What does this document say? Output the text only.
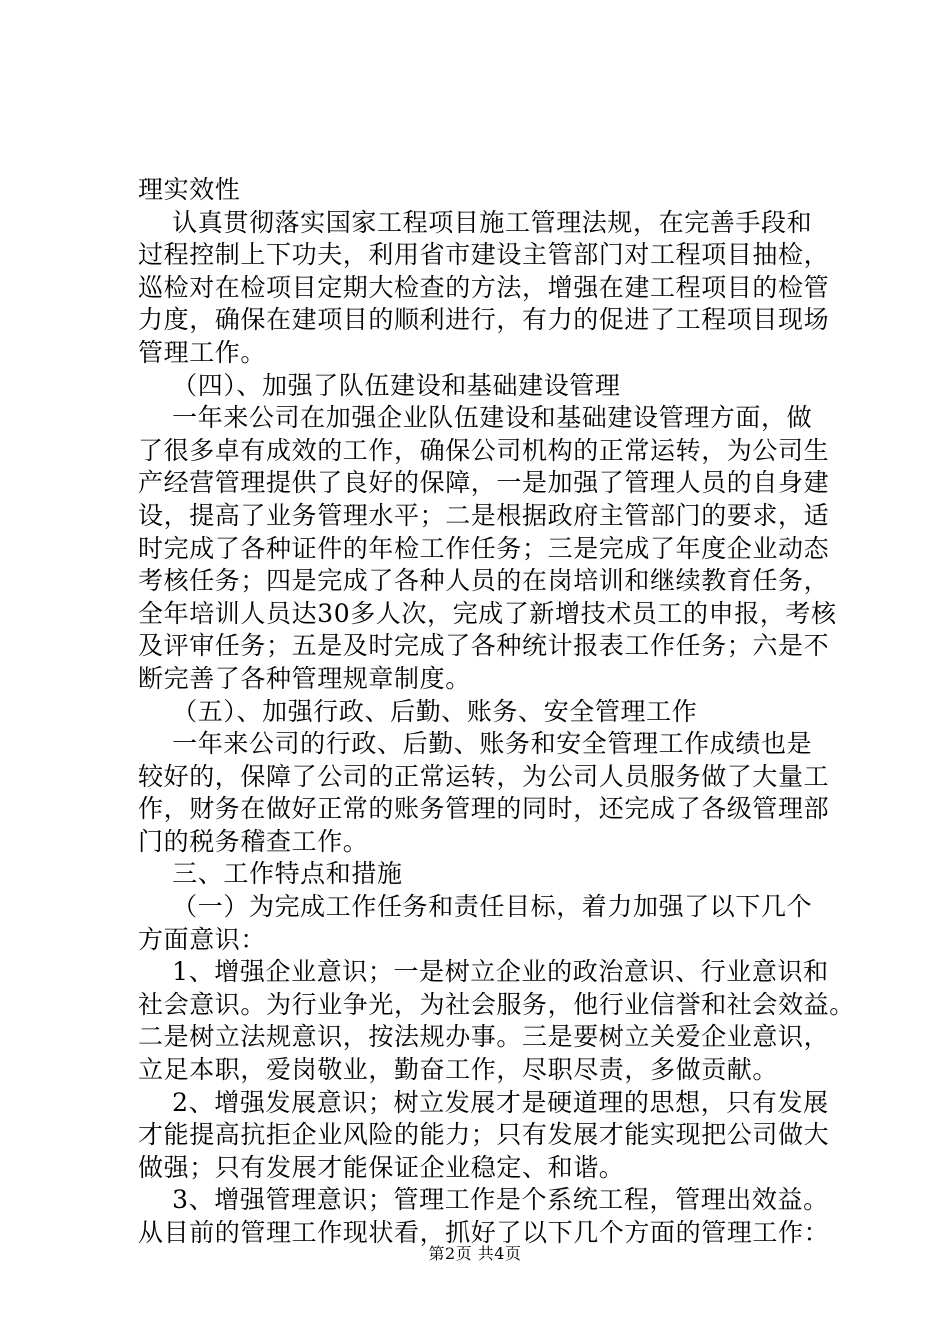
理实效性

认真贯彻落实国家工程项目施工管理法规，在完善手段和

过程控制上下功夫，利用省市建设主管部门对工程项目抽检，

巡检对在检项目定期大检查的方法，增强在建工程项目的检管

力度，确保在建项目的顺利进行，有力的促进了工程项目现场

管理工作。

（四）、加强了队伍建设和基础建设管理

一年来公司在加强企业队伍建设和基础建设管理方面，做

了很多卓有成效的工作，确保公司机构的正常运转，为公司生

产经营管理提供了良好的保障，一是加强了管理人员的自身建

设，提高了业务管理水平；二是根据政府主管部门的要求，适

时完成了各种证件的年检工作任务；三是完成了年度企业动态

考核任务；四是完成了各种人员的在岗培训和继续教育任务，

全年培训人员达30多人次，完成了新增技术员工的申报，考核

及评审任务；五是及时完成了各种统计报表工作任务；六是不

断完善了各种管理规章制度。

（五）、加强行政、后勤、账务、安全管理工作

一年来公司的行政、后勤、账务和安全管理工作成绩也是

较好的，保障了公司的正常运转，为公司人员服务做了大量工

作，财务在做好正常的账务管理的同时，还完成了各级管理部

门的税务稽查工作。

三、工作特点和措施

（一）为完成工作任务和责任目标，着力加强了以下几个

方面意识：

1、增强企业意识；一是树立企业的政治意识、行业意识和

社会意识。为行业争光，为社会服务，他行业信誉和社会效益。

二是树立法规意识，按法规办事。三是要树立关爱企业意识，

立足本职，爱岗敬业，勤奋工作，尽职尽责，多做贡献。

2、增强发展意识；树立发展才是硬道理的思想，只有发展

才能提高抗拒企业风险的能力；只有发展才能实现把公司做大

做强；只有发展才能保证企业稳定、和谐。

3、增强管理意识；管理工作是个系统工程，管理出效益。

从目前的管理工作现状看，抓好了以下几个方面的管理工作：

第2页 共4页
